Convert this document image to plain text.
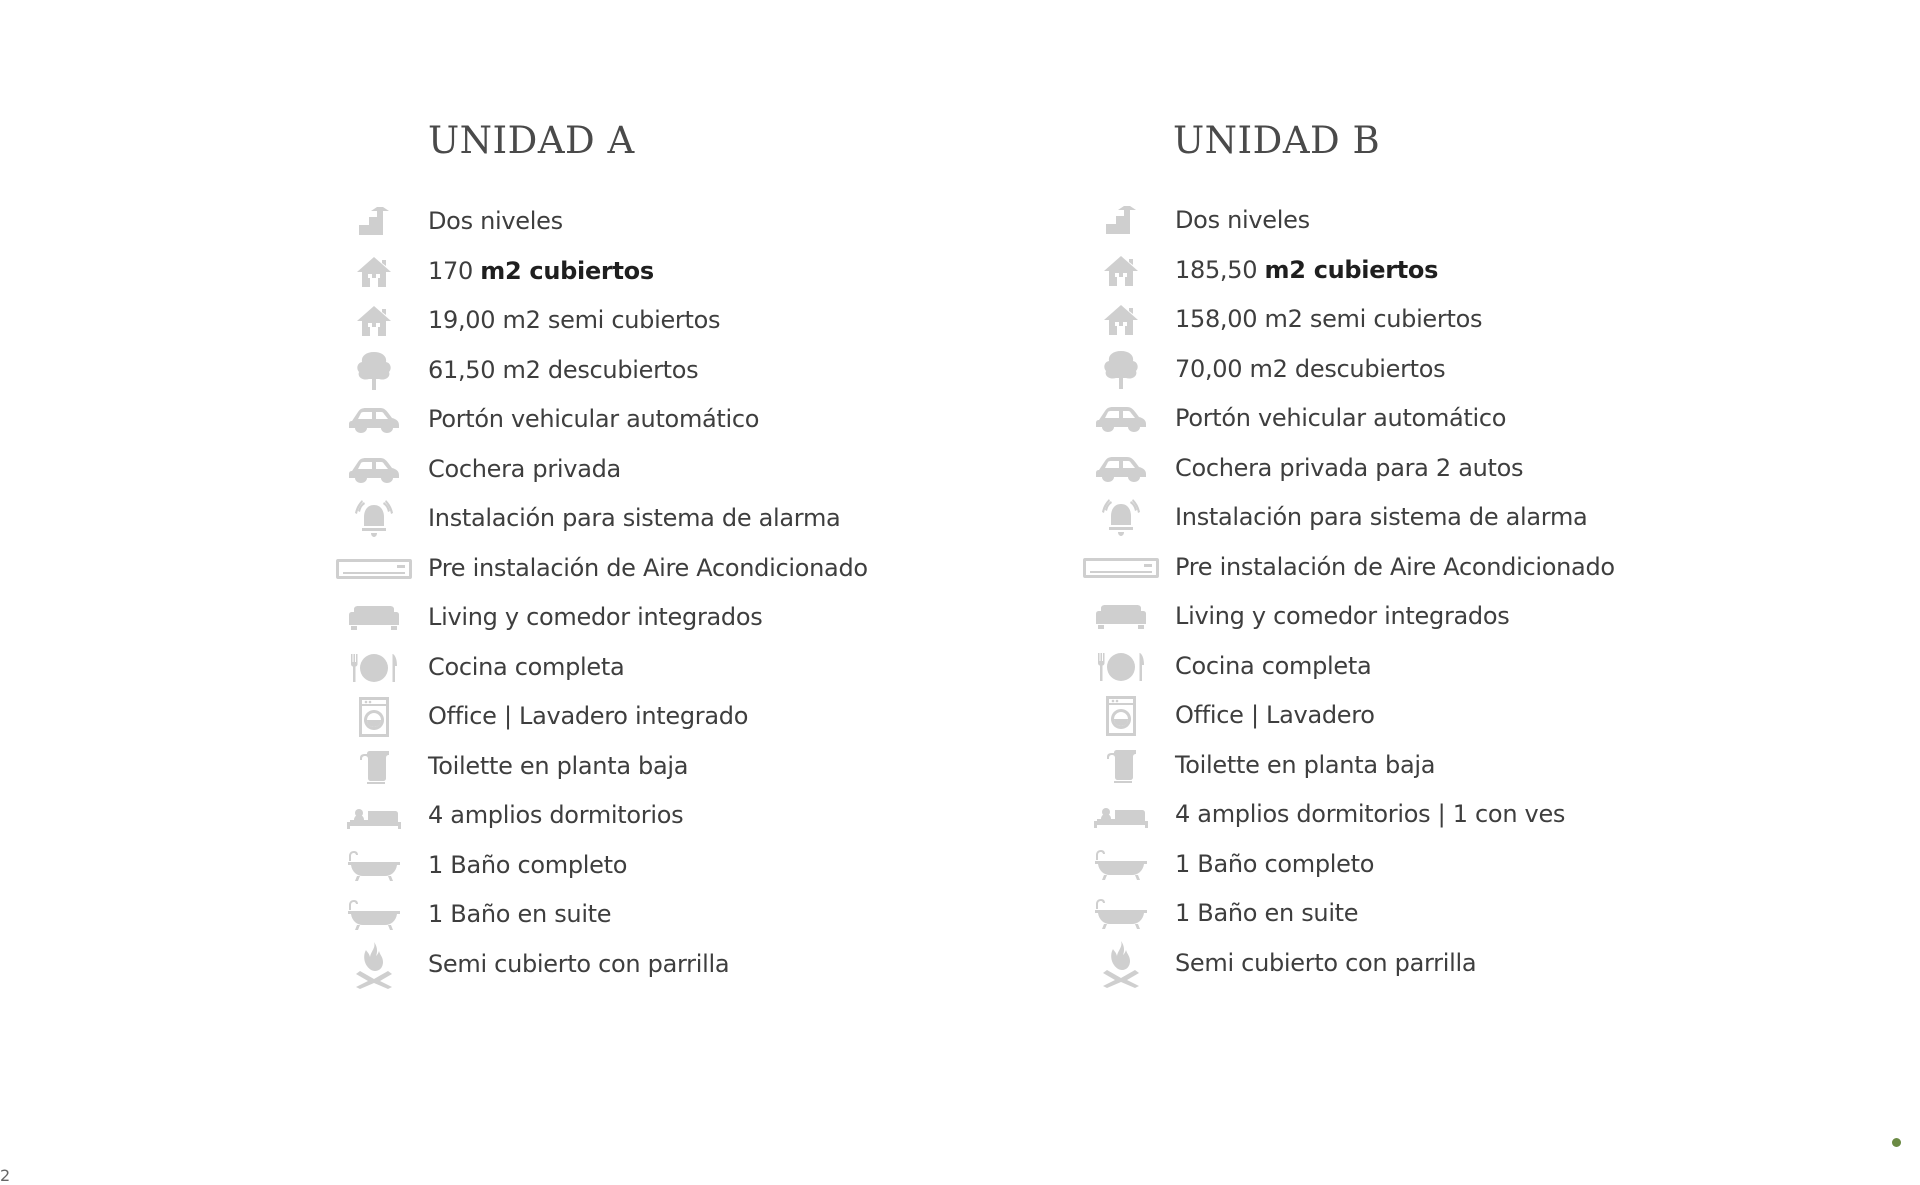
UNIDAD A
Dos niveles
170 m2 cubiertos
19,00 m2 semi cubiertos
61,50 m2 descubiertos
Portón vehicular automático
Cochera privada
Instalación para sistema de alarma
Pre instalación de Aire Acondicionado
Living y comedor integrados
Cocina completa
Office | Lavadero integrado
Toilette en planta baja
4 amplios dormitorios
1 Baño completo
1 Baño en suite
Semi cubierto con parrilla
UNIDAD B
Dos niveles
185,50 m2 cubiertos
158,00 m2 semi cubiertos
70,00 m2 descubiertos
Portón vehicular automático
Cochera privada para 2 autos
Instalación para sistema de alarma
Pre instalación de Aire Acondicionado
Living y comedor integrados
Cocina completa
Office | Lavadero
Toilette en planta baja
4 amplios dormitorios | 1 con ves
1 Baño completo
1 Baño en suite
Semi cubierto con parrilla
2
